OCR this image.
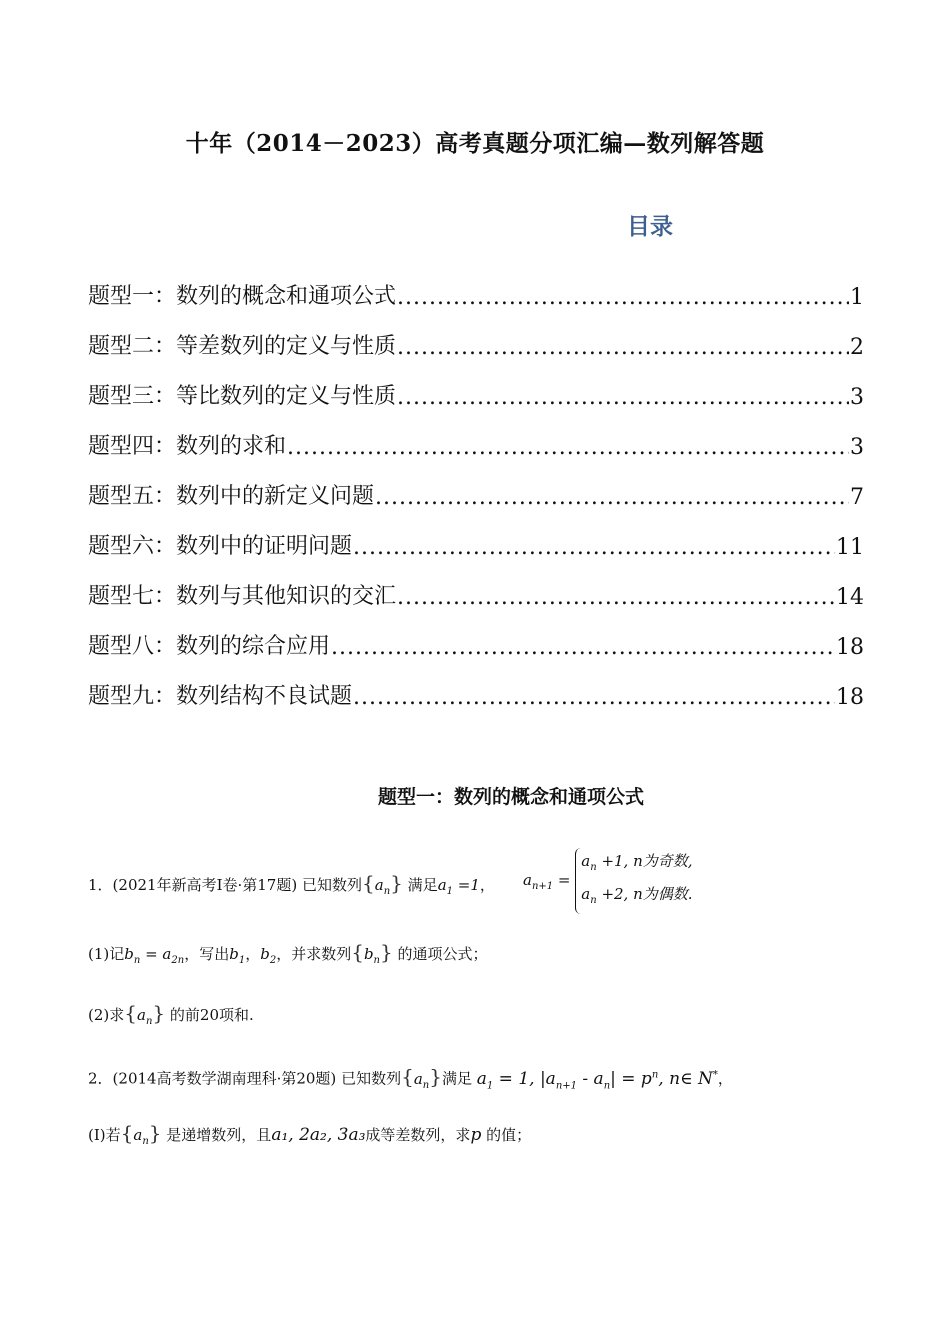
十年（2014－2023）高考真题分项汇编—数列解答题
目录
题型一：数列的概念和通项公式 .....	1
题型二：等差数列的定义与性质 .....	2
题型三：等比数列的定义与性质 .....	3
题型四：数列的求和 .....	3
题型五：数列中的新定义问题 .....	7
题型六：数列中的证明问题 .....	11
题型七：数列与其他知识的交汇 .....	14
题型八：数列的综合应用 .....	18
题型九：数列结构不良试题 .....	18
题型一：数列的概念和通项公式
1．(2021年新高考Ⅰ卷·第17题) 已知数列$\{a_n\}$ 满足$a_1 =1$， $a_{n+1} = a_n +1$, n为奇数,
$a_n +2$, n为偶数.
(1)记$b_n = a_{2n}$，写出$b_1$，$b_2$，并求数列$\{b_n\}$ 的通项公式；
(2)求$\{a_n\}$ 的前20项和.
2．(2014高考数学湖南理科·第20题) 已知数列$\{a_n\}$满足 $a_1 = 1$, $|a_{n+1} - a_n| = p^n$, n∈ N*，
(I)若$\{a_n\}$ 是递增数列，且a₁, 2a₂, 3a₃成等差数列，求p 的值；
